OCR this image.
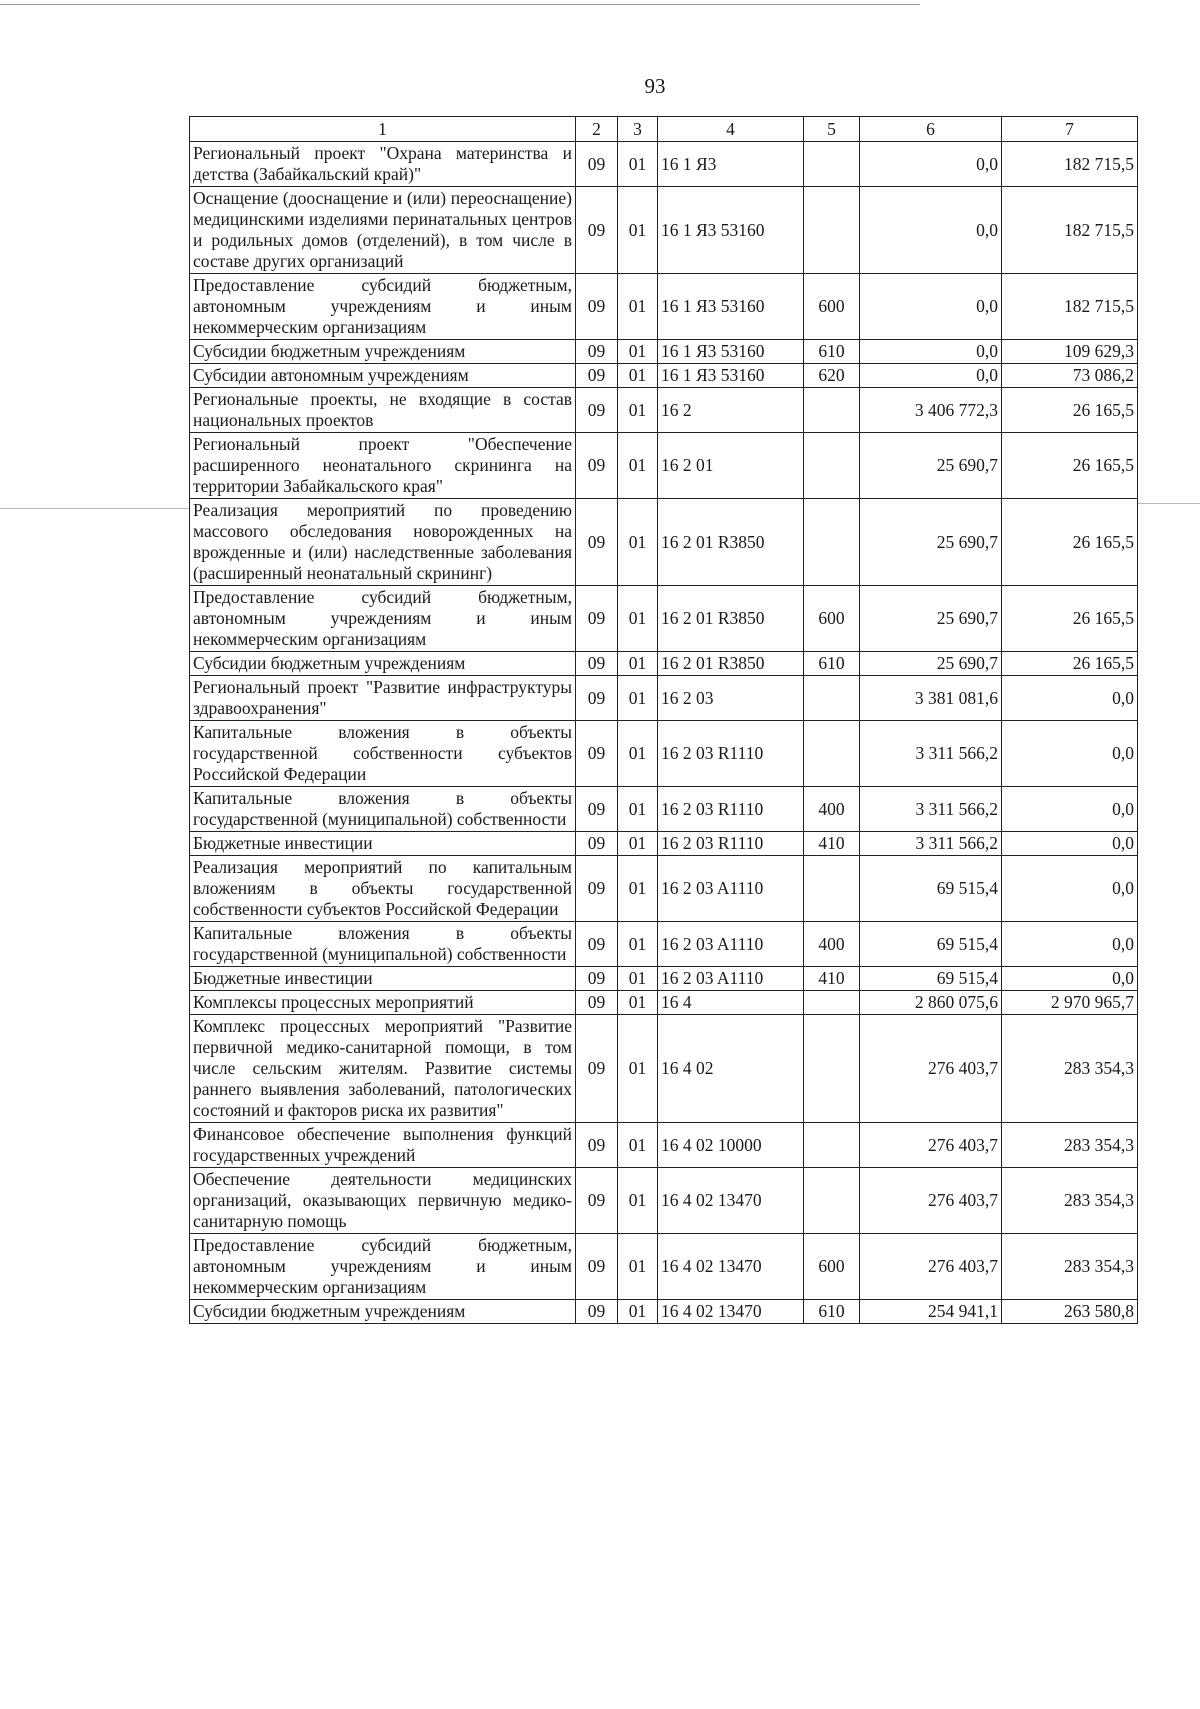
93
1	2	3	4	5	6	7
Региональный проект "Охрана материнства и детства (Забайкальский край)"	09	01	16 1 Я3		0,0	182 715,5
Оснащение (дооснащение и (или) переоснащение) медицинскими изделиями перинатальных центров и родильных домов (отделений), в том числе в составе других организаций	09	01	16 1 Я3 53160		0,0	182 715,5
Предоставление субсидий бюджетным, автономным учреждениям и иным некоммерческим организациям	09	01	16 1 Я3 53160	600	0,0	182 715,5
Субсидии бюджетным учреждениям	09	01	16 1 Я3 53160	610	0,0	109 629,3
Субсидии автономным учреждениям	09	01	16 1 Я3 53160	620	0,0	73 086,2
Региональные проекты, не входящие в состав национальных проектов	09	01	16 2		3 406 772,3	26 165,5
Региональный проект "Обеспечение расширенного неонатального скрининга на территории Забайкальского края"	09	01	16 2 01		25 690,7	26 165,5
Реализация мероприятий по проведению массового обследования новорожденных на врожденные и (или) наследственные заболевания (расширенный неонатальный скрининг)	09	01	16 2 01 R3850		25 690,7	26 165,5
Предоставление субсидий бюджетным, автономным учреждениям и иным некоммерческим организациям	09	01	16 2 01 R3850	600	25 690,7	26 165,5
Субсидии бюджетным учреждениям	09	01	16 2 01 R3850	610	25 690,7	26 165,5
Региональный проект "Развитие инфраструктуры здравоохранения"	09	01	16 2 03		3 381 081,6	0,0
Капитальные вложения в объекты государственной собственности субъектов Российской Федерации	09	01	16 2 03 R1110		3 311 566,2	0,0
Капитальные вложения в объекты государственной (муниципальной) собственности	09	01	16 2 03 R1110	400	3 311 566,2	0,0
Бюджетные инвестиции	09	01	16 2 03 R1110	410	3 311 566,2	0,0
Реализация мероприятий по капитальным вложениям в объекты государственной собственности субъектов Российской Федерации	09	01	16 2 03 A1110		69 515,4	0,0
Капитальные вложения в объекты государственной (муниципальной) собственности	09	01	16 2 03 A1110	400	69 515,4	0,0
Бюджетные инвестиции	09	01	16 2 03 A1110	410	69 515,4	0,0
Комплексы процессных мероприятий	09	01	16 4		2 860 075,6	2 970 965,7
Комплекс процессных мероприятий "Развитие первичной медико-санитарной помощи, в том числе сельским жителям. Развитие системы раннего выявления заболеваний, патологических состояний и факторов риска их развития"	09	01	16 4 02		276 403,7	283 354,3
Финансовое обеспечение выполнения функций государственных учреждений	09	01	16 4 02 10000		276 403,7	283 354,3
Обеспечение деятельности медицинских организаций, оказывающих первичную медико-санитарную помощь	09	01	16 4 02 13470		276 403,7	283 354,3
Предоставление субсидий бюджетным, автономным учреждениям и иным некоммерческим организациям	09	01	16 4 02 13470	600	276 403,7	283 354,3
Субсидии бюджетным учреждениям	09	01	16 4 02 13470	610	254 941,1	263 580,8
